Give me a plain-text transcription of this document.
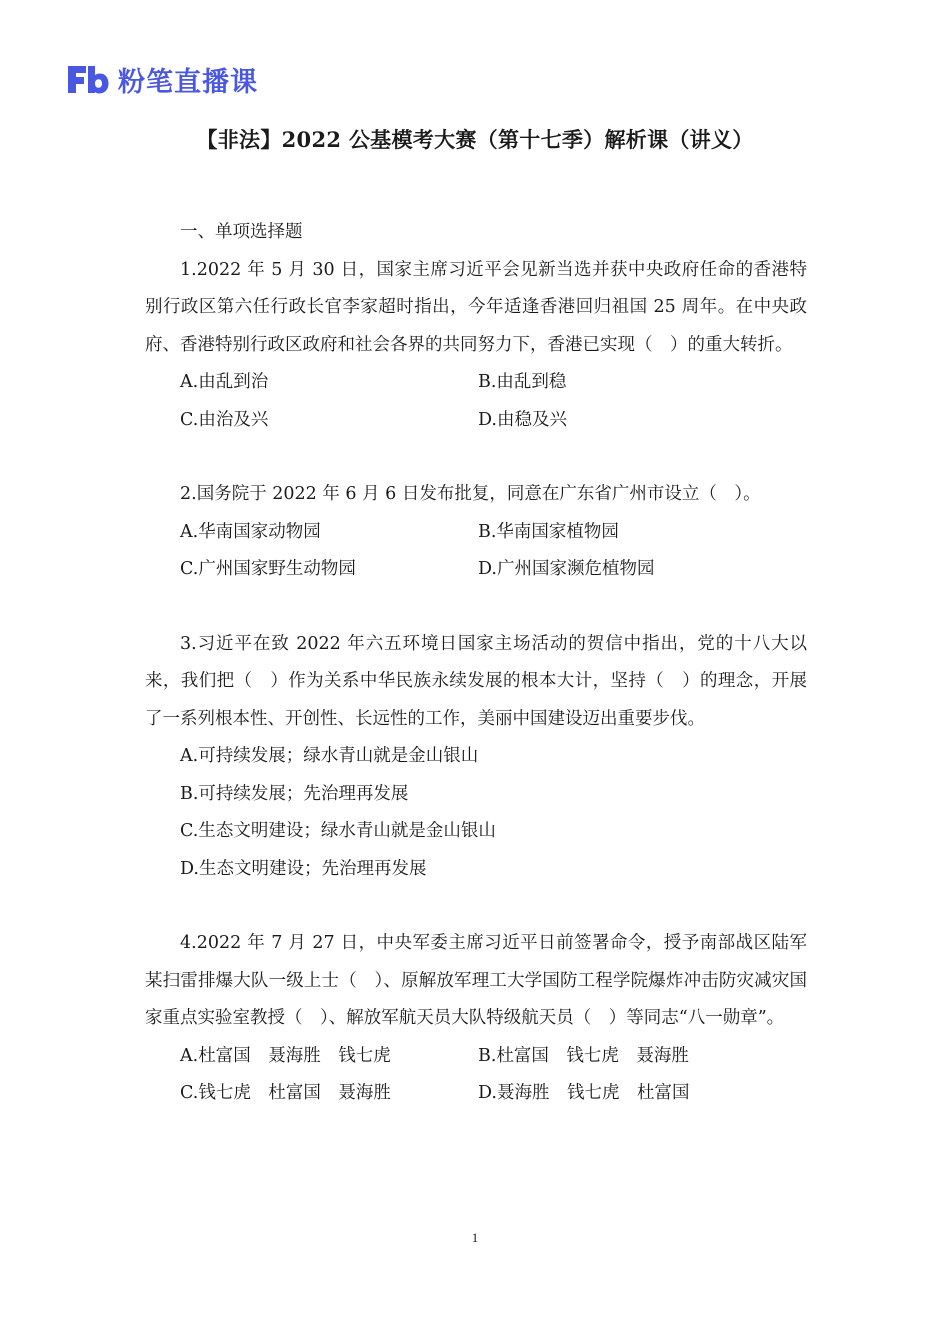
粉笔直播课
【非法】2022 公基模考大赛（第十七季）解析课（讲义）

一、单项选择题

1.2022 年 5 月 30 日，国家主席习近平会见新当选并获中央政府任命的香港特别行政区第六任行政长官李家超时指出，今年适逢香港回归祖国 25 周年。在中央政府、香港特别行政区政府和社会各界的共同努力下，香港已实现（　）的重大转折。

A.由乱到治	B.由乱到稳
C.由治及兴	D.由稳及兴

2.国务院于 2022 年 6 月 6 日发布批复，同意在广东省广州市设立（　）。

A.华南国家动物园	B.华南国家植物园
C.广州国家野生动物园	D.广州国家濒危植物园

3.习近平在致 2022 年六五环境日国家主场活动的贺信中指出，党的十八大以来，我们把（　）作为关系中华民族永续发展的根本大计，坚持（　）的理念，开展了一系列根本性、开创性、长远性的工作，美丽中国建设迈出重要步伐。

A.可持续发展；绿水青山就是金山银山
B.可持续发展；先治理再发展
C.生态文明建设；绿水青山就是金山银山
D.生态文明建设；先治理再发展

4.2022 年 7 月 27 日，中央军委主席习近平日前签署命令，授予南部战区陆军某扫雷排爆大队一级上士（　）、原解放军理工大学国防工程学院爆炸冲击防灾减灾国家重点实验室教授（　）、解放军航天员大队特级航天员（　）等同志“八一勋章”。

A.杜富国　聂海胜　钱七虎	B.杜富国　钱七虎　聂海胜
C.钱七虎　杜富国　聂海胜	D.聂海胜　钱七虎　杜富国
1
